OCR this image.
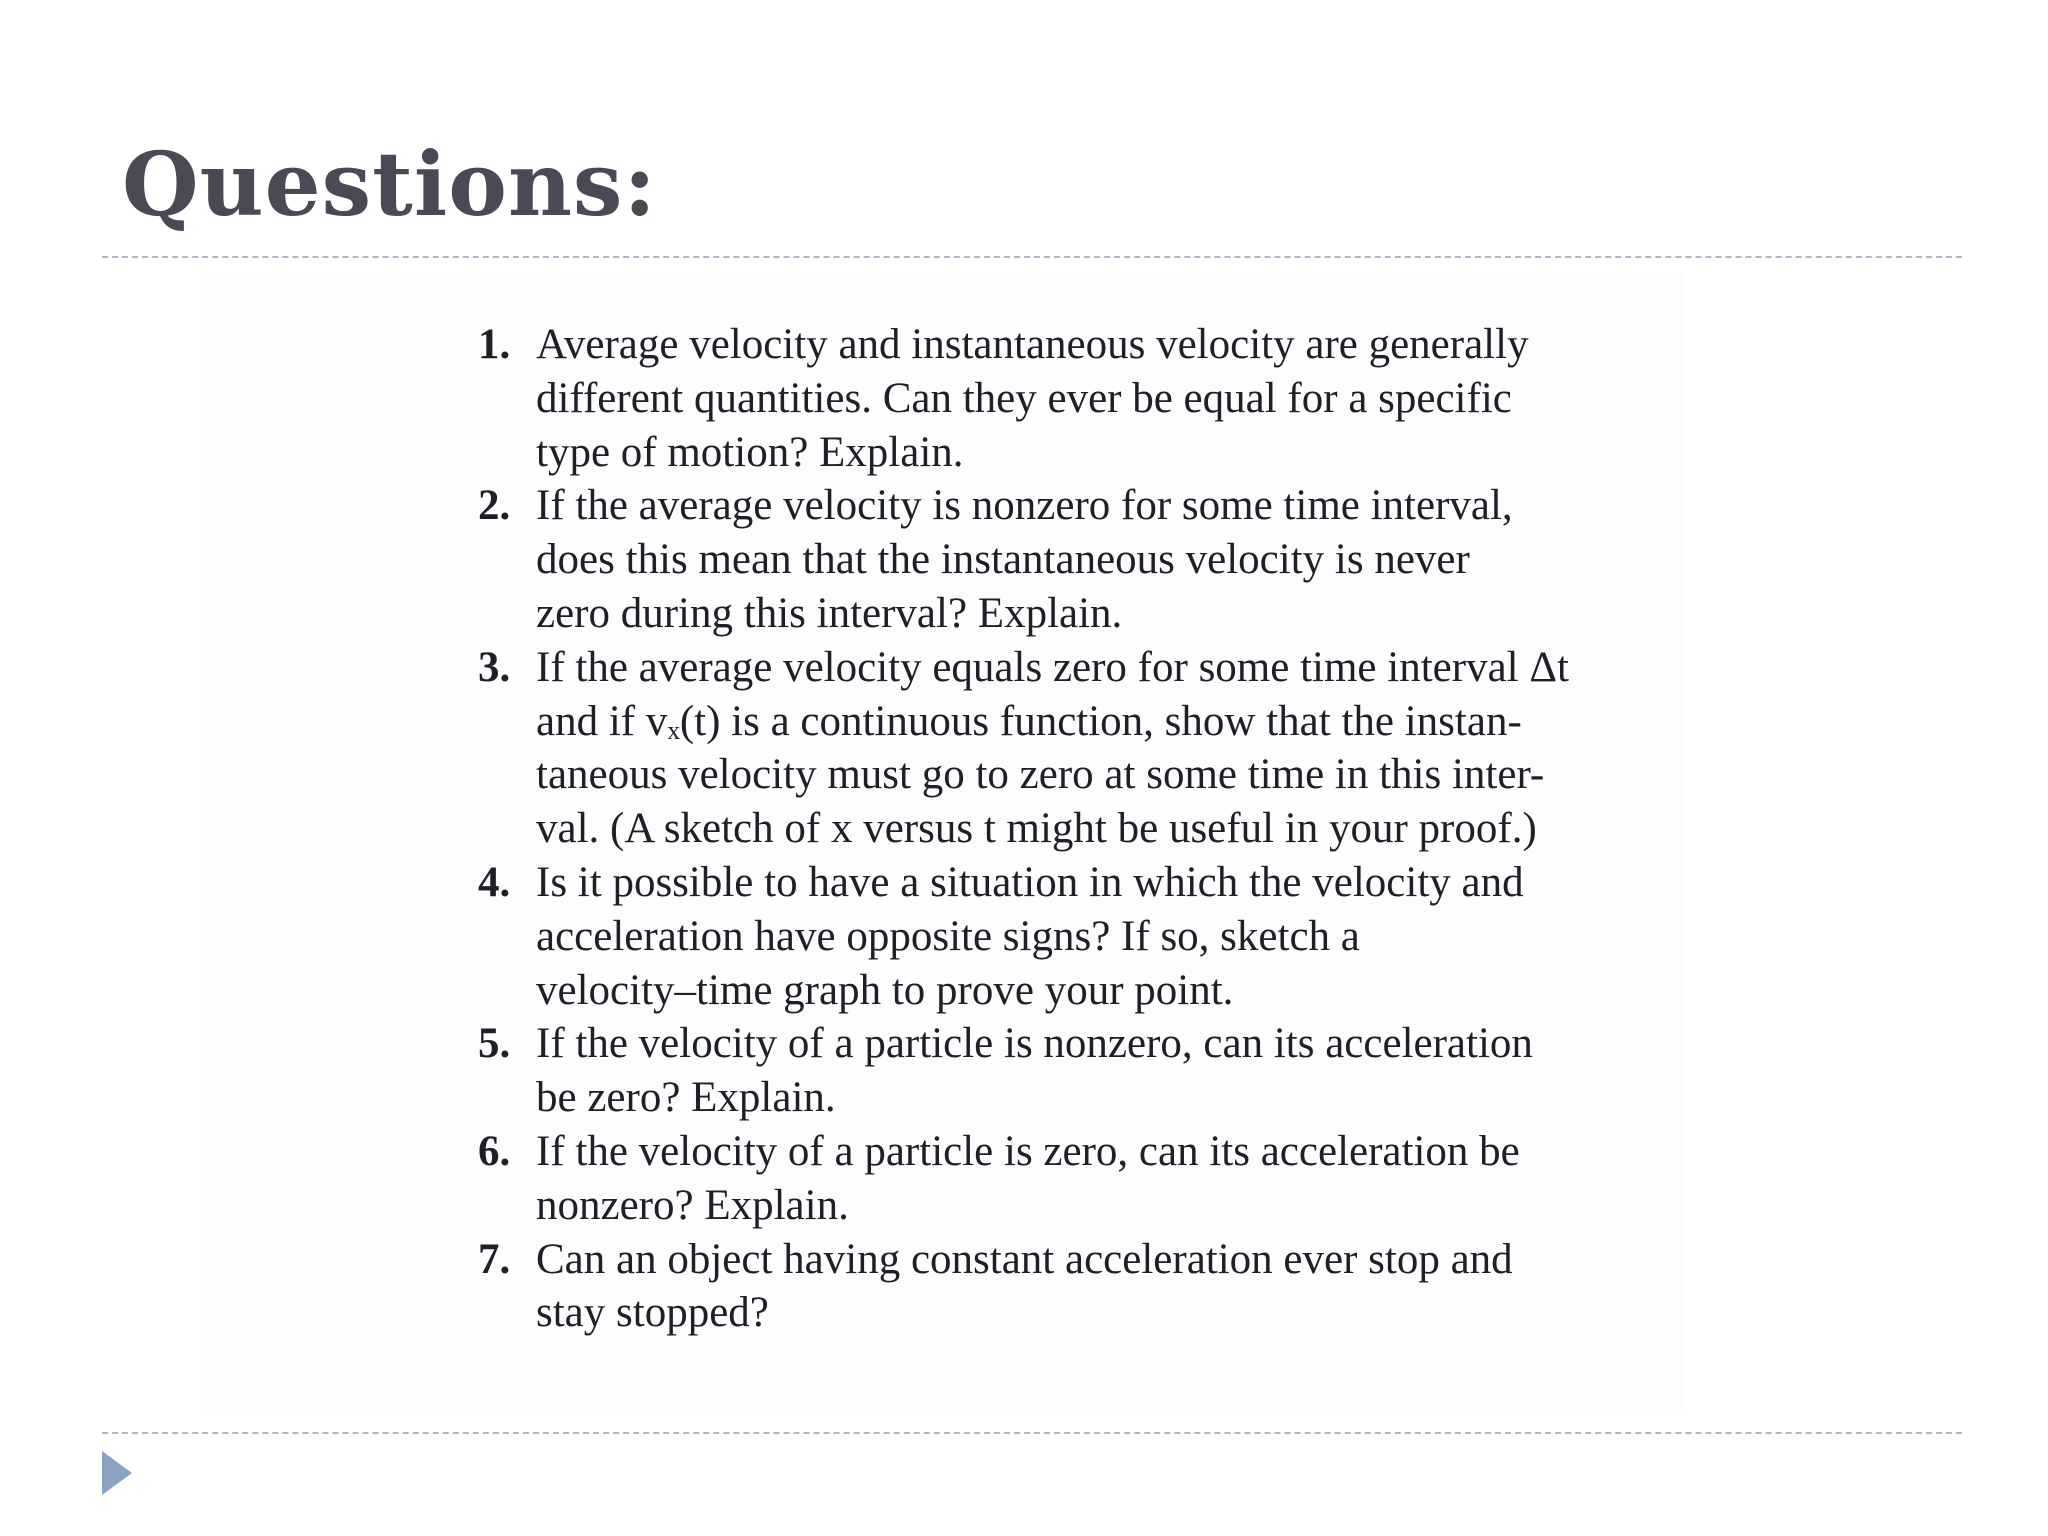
Questions:
1. Average velocity and instantaneous velocity are generally
different quantities. Can they ever be equal for a specific
type of motion? Explain.
2. If the average velocity is nonzero for some time interval,
does this mean that the instantaneous velocity is never
zero during this interval? Explain.
3. If the average velocity equals zero for some time interval Δt
and if vₓ(t) is a continuous function, show that the instan-
taneous velocity must go to zero at some time in this inter-
val. (A sketch of x versus t might be useful in your proof.)
4. Is it possible to have a situation in which the velocity and
acceleration have opposite signs? If so, sketch a
velocity–time graph to prove your point.
5. If the velocity of a particle is nonzero, can its acceleration
be zero? Explain.
6. If the velocity of a particle is zero, can its acceleration be
nonzero? Explain.
7. Can an object having constant acceleration ever stop and
stay stopped?
